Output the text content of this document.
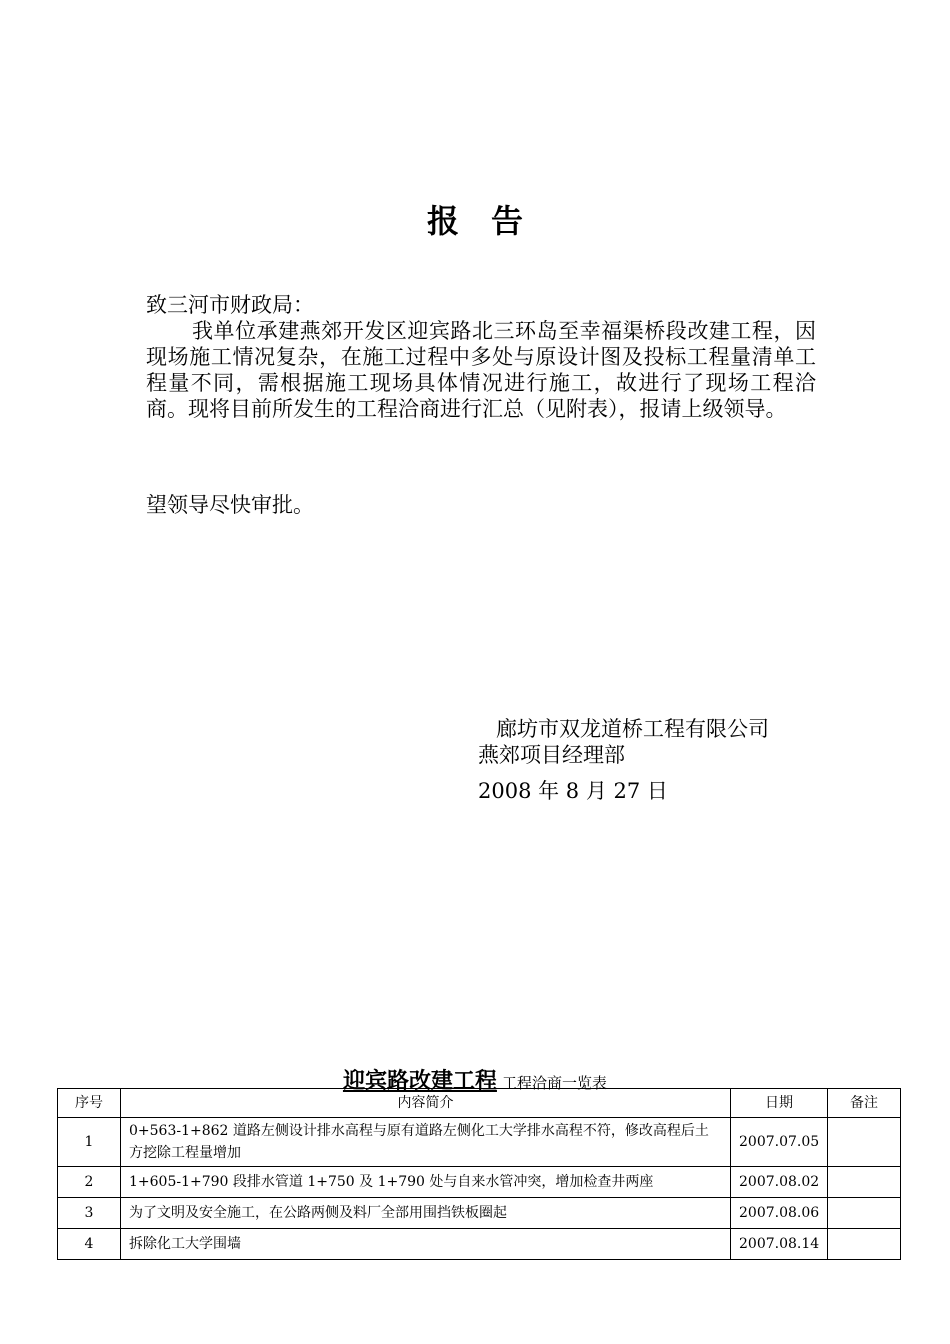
报告
致三河市财政局：

我单位承建燕郊开发区迎宾路北三环岛至幸福渠桥段改建工程，因现场施工情况复杂，在施工过程中多处与原设计图及投标工程量清单工程量不同，需根据施工现场具体情况进行施工，故进行了现场工程洽商。现将目前所发生的工程洽商进行汇总（见附表），报请上级领导。

望领导尽快审批。
廊坊市双龙道桥工程有限公司
燕郊项目经理部
2008 年 8 月 27 日
迎宾路改建工程 工程洽商一览表
序号	内容简介	日期	备注
1	0+563-1+862 道路左侧设计排水高程与原有道路左侧化工大学排水高程不符，修改高程后土方挖除工程量增加	2007.07.05	
2	1+605-1+790 段排水管道 1+750 及 1+790 处与自来水管冲突，增加检查井两座	2007.08.02	
3	为了文明及安全施工，在公路两侧及料厂全部用围挡铁板圈起	2007.08.06	
4	拆除化工大学围墙	2007.08.14	
